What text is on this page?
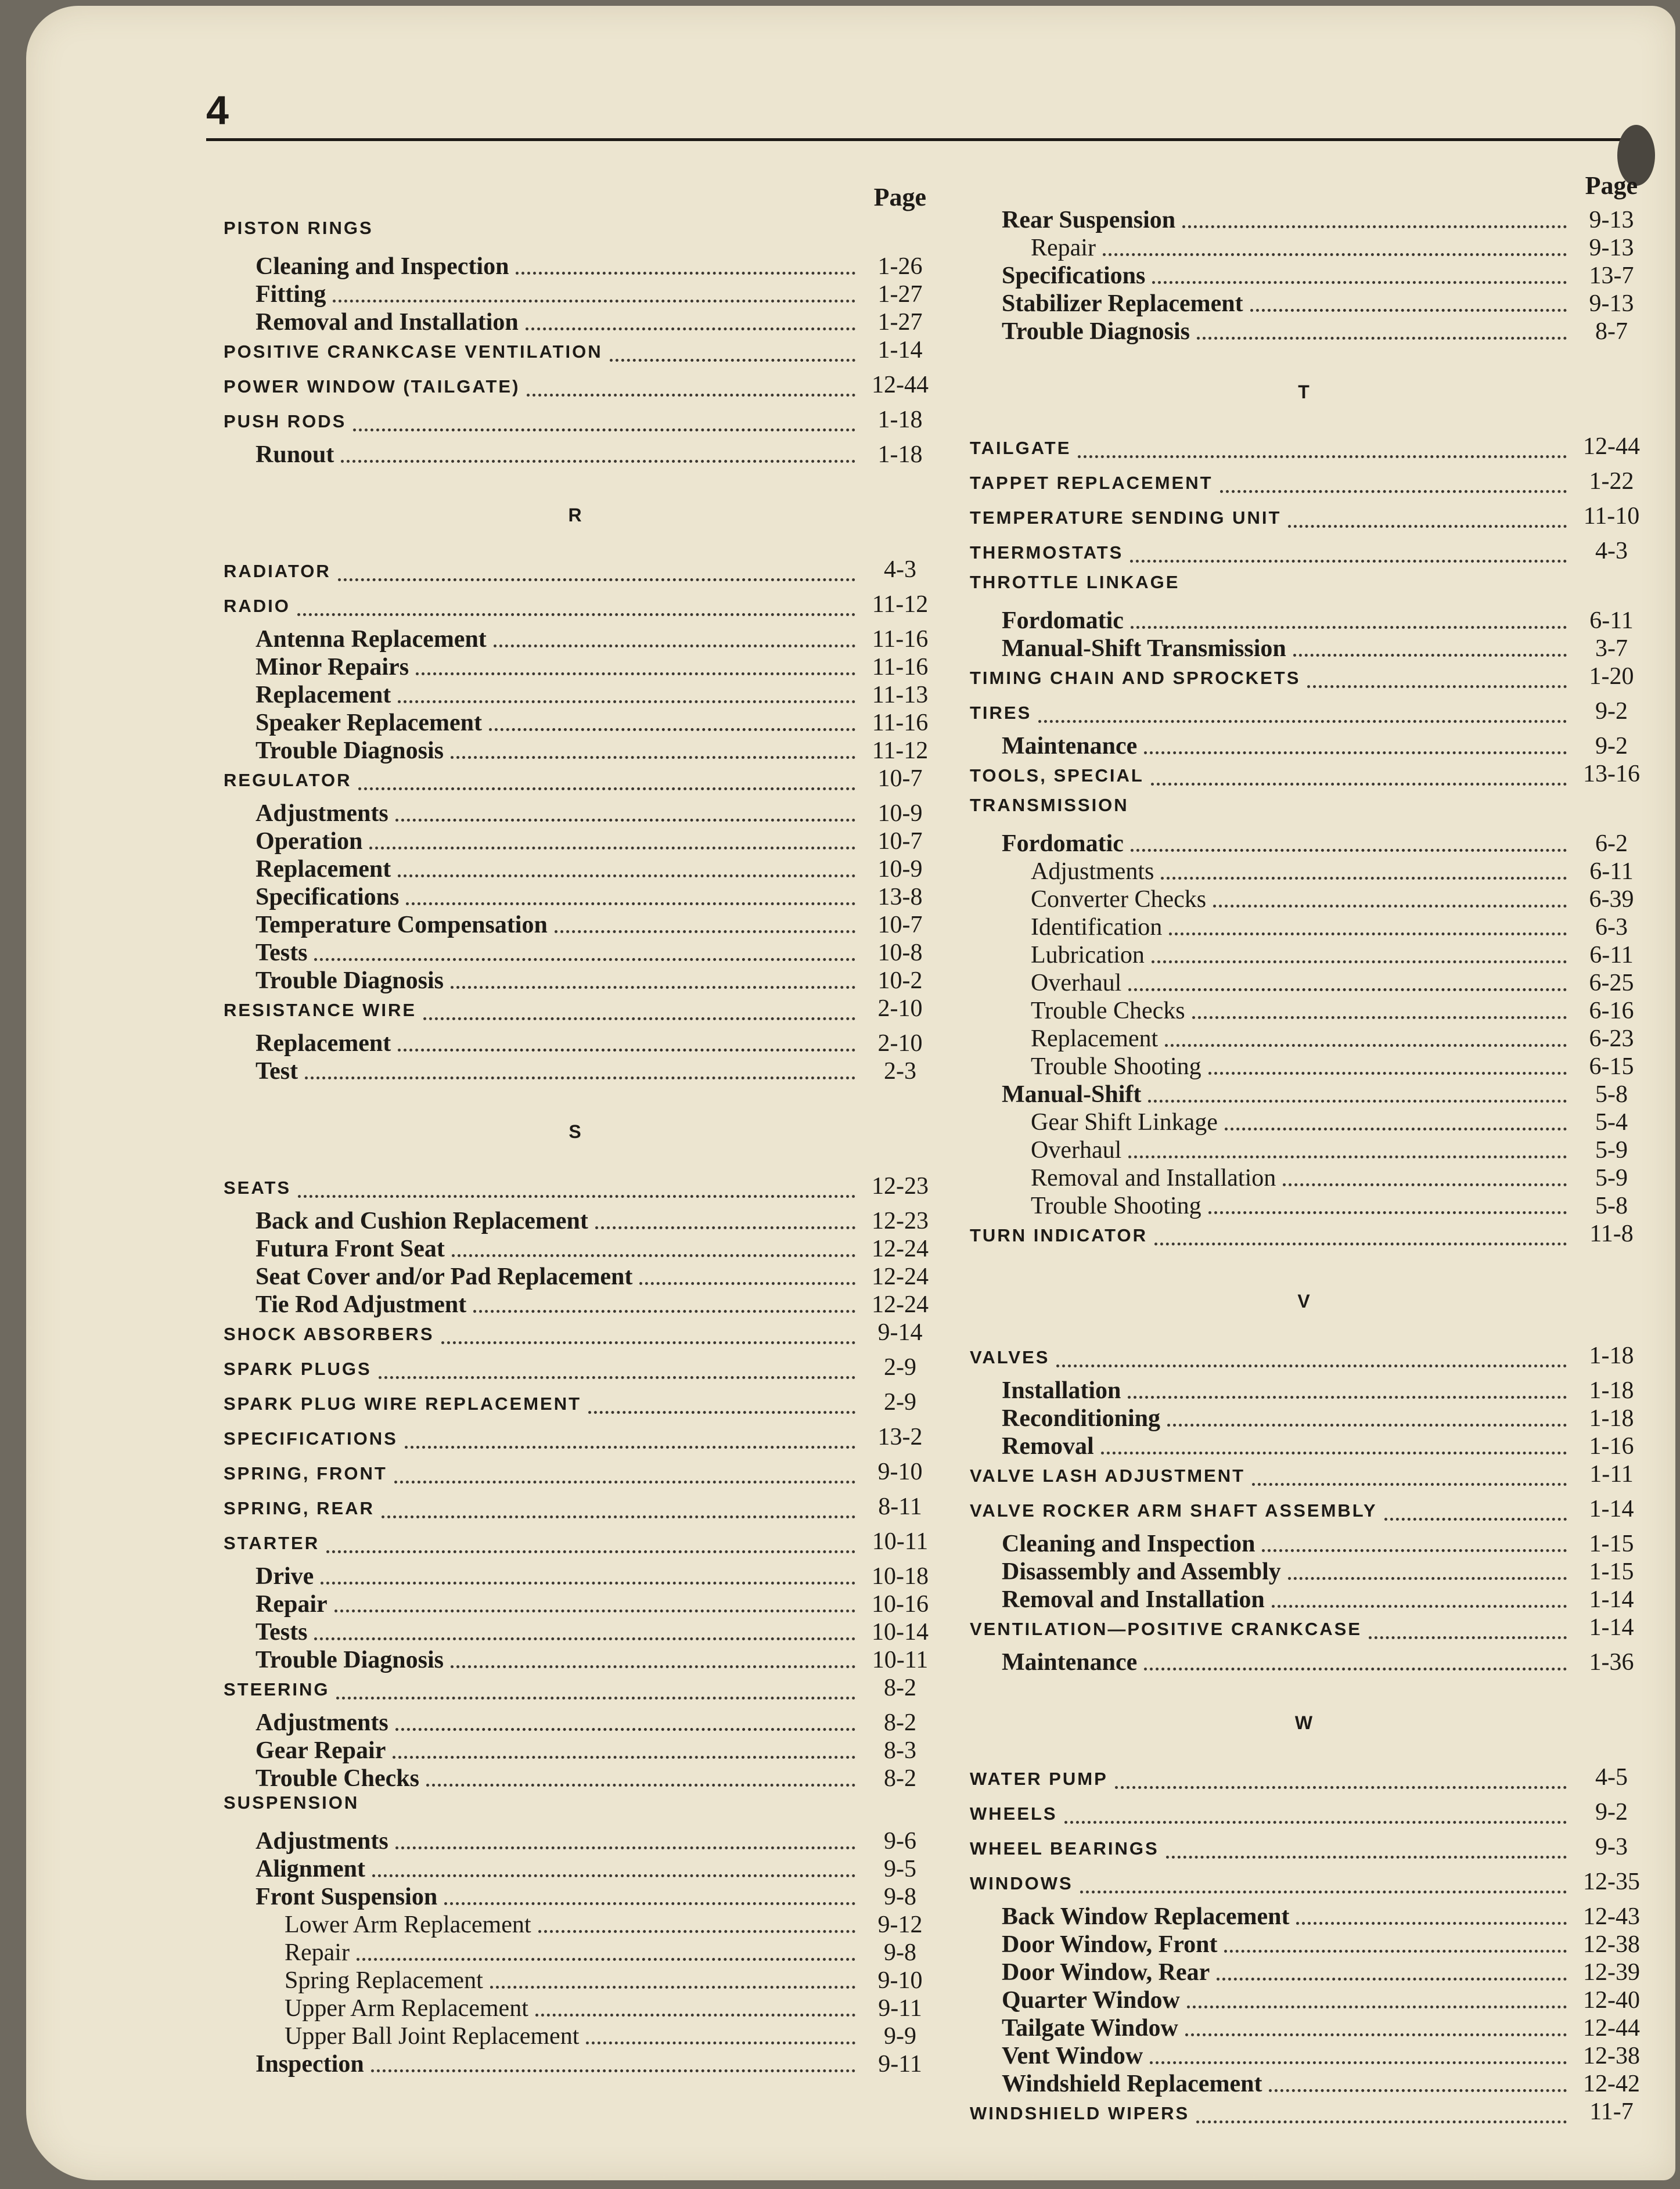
4
Page
PISTON RINGS
Cleaning and Inspection	1-26
Fitting	1-27
Removal and Installation	1-27
POSITIVE CRANKCASE VENTILATION	1-14
POWER WINDOW (TAILGATE)	12-44
PUSH RODS	1-18
Runout	1-18
R
RADIATOR	4-3
RADIO	11-12
Antenna Replacement	11-16
Minor Repairs	11-16
Replacement	11-13
Speaker Replacement	11-16
Trouble Diagnosis	11-12
REGULATOR	10-7
Adjustments	10-9
Operation	10-7
Replacement	10-9
Specifications	13-8
Temperature Compensation	10-7
Tests	10-8
Trouble Diagnosis	10-2
RESISTANCE WIRE	2-10
Replacement	2-10
Test	2-3
S
SEATS	12-23
Back and Cushion Replacement	12-23
Futura Front Seat	12-24
Seat Cover and/or Pad Replacement	12-24
Tie Rod Adjustment	12-24
SHOCK ABSORBERS	9-14
SPARK PLUGS	2-9
SPARK PLUG WIRE REPLACEMENT	2-9
SPECIFICATIONS	13-2
SPRING, FRONT	9-10
SPRING, REAR	8-11
STARTER	10-11
Drive	10-18
Repair	10-16
Tests	10-14
Trouble Diagnosis	10-11
STEERING	8-2
Adjustments	8-2
Gear Repair	8-3
Trouble Checks	8-2
SUSPENSION
Adjustments	9-6
Alignment	9-5
Front Suspension	9-8
Lower Arm Replacement	9-12
Repair	9-8
Spring Replacement	9-10
Upper Arm Replacement	9-11
Upper Ball Joint Replacement	9-9
Inspection	9-11
Page
Rear Suspension	9-13
Repair	9-13
Specifications	13-7
Stabilizer Replacement	9-13
Trouble Diagnosis	8-7
T
TAILGATE	12-44
TAPPET REPLACEMENT	1-22
TEMPERATURE SENDING UNIT	11-10
THERMOSTATS	4-3
THROTTLE LINKAGE
Fordomatic	6-11
Manual-Shift Transmission	3-7
TIMING CHAIN AND SPROCKETS	1-20
TIRES	9-2
Maintenance	9-2
TOOLS, SPECIAL	13-16
TRANSMISSION
Fordomatic	6-2
Adjustments	6-11
Converter Checks	6-39
Identification	6-3
Lubrication	6-11
Overhaul	6-25
Trouble Checks	6-16
Replacement	6-23
Trouble Shooting	6-15
Manual-Shift	5-8
Gear Shift Linkage	5-4
Overhaul	5-9
Removal and Installation	5-9
Trouble Shooting	5-8
TURN INDICATOR	11-8
V
VALVES	1-18
Installation	1-18
Reconditioning	1-18
Removal	1-16
VALVE LASH ADJUSTMENT	1-11
VALVE ROCKER ARM SHAFT ASSEMBLY	1-14
Cleaning and Inspection	1-15
Disassembly and Assembly	1-15
Removal and Installation	1-14
VENTILATION—POSITIVE CRANKCASE	1-14
Maintenance	1-36
W
WATER PUMP	4-5
WHEELS	9-2
WHEEL BEARINGS	9-3
WINDOWS	12-35
Back Window Replacement	12-43
Door Window, Front	12-38
Door Window, Rear	12-39
Quarter Window	12-40
Tailgate Window	12-44
Vent Window	12-38
Windshield Replacement	12-42
WINDSHIELD WIPERS	11-7
